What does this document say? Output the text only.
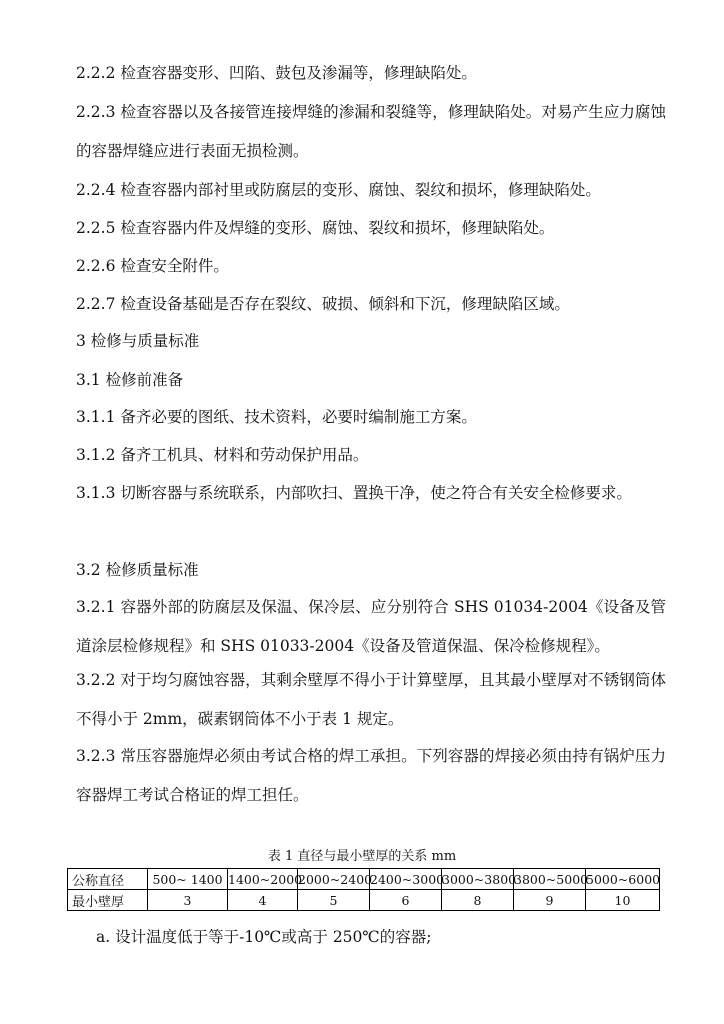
2.2.2 检查容器变形、凹陷、鼓包及渗漏等，修理缺陷处。

2.2.3 检查容器以及各接管连接焊缝的渗漏和裂缝等，修理缺陷处。对易产生应力腐蚀的容器焊缝应进行表面无损检测。

2.2.4 检查容器内部衬里或防腐层的变形、腐蚀、裂纹和损坏，修理缺陷处。

2.2.5 检查容器内件及焊缝的变形、腐蚀、裂纹和损坏，修理缺陷处。

2.2.6 检查安全附件。

2.2.7 检查设备基础是否存在裂纹、破损、倾斜和下沉，修理缺陷区域。

3 检修与质量标准

3.1 检修前准备

3.1.1 备齐必要的图纸、技术资料，必要时编制施工方案。

3.1.2 备齐工机具、材料和劳动保护用品。

3.1.3 切断容器与系统联系，内部吹扫、置换干净，使之符合有关安全检修要求。

3.2 检修质量标准

3.2.1 容器外部的防腐层及保温、保冷层、应分别符合 SHS 01034-2004《设备及管道涂层检修规程》和 SHS 01033-2004《设备及管道保温、保冷检修规程》。

3.2.2 对于均匀腐蚀容器，其剩余壁厚不得小于计算壁厚，且其最小壁厚对不锈钢筒体不得小于 2mm，碳素钢筒体不小于表 1 规定。

3.2.3 常压容器施焊必须由考试合格的焊工承担。下列容器的焊接必须由持有锅炉压力容器焊工考试合格证的焊工担任。

表 1 直径与最小壁厚的关系 mm
公称直径	500~ 1400	1400~2000	2000~2400	2400~3000	3000~3800	3800~5000	5000~6000
最小壁厚	3	4	5	6	8	9	10
a. 设计温度低于等于-10℃或高于 250℃的容器;
